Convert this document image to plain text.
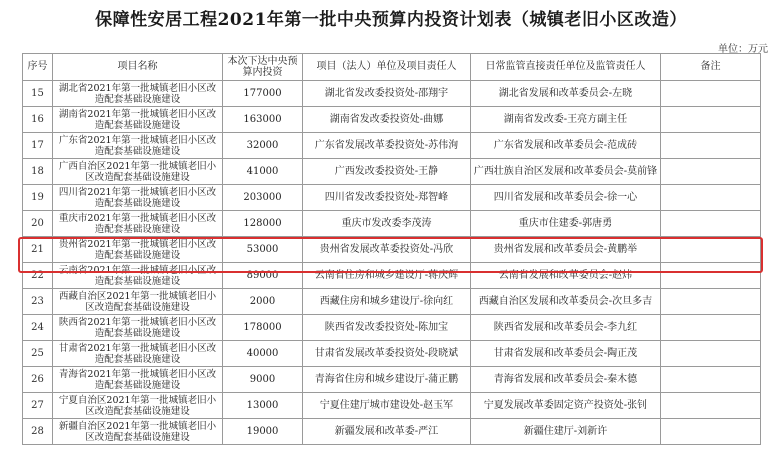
保障性安居工程2021年第一批中央预算内投资计划表（城镇老旧小区改造）
单位：万元
序号	项目名称	本次下达中央预算内投资	项目（法人）单位及项目责任人	日常监管直接责任单位及监管责任人	备注
15	湖北省2021年第一批城镇老旧小区改造配套基础设施建设	177000	湖北省发改委投资处-邵翔宇	湖北省发展和改革委员会-左晓	
16	湖南省2021年第一批城镇老旧小区改造配套基础设施建设	163000	湖南省发改委投资处-曲娜	湖南省发改委-王亮方副主任	
17	广东省2021年第一批城镇老旧小区改造配套基础设施建设	32000	广东省发展改革委投资处-苏伟洵	广东省发展和改革委员会-范成砖	
18	广西自治区2021年第一批城镇老旧小区改造配套基础设施建设	41000	广西发改委投资处-王静	广西壮族自治区发展和改革委员会-莫前锋	
19	四川省2021年第一批城镇老旧小区改造配套基础设施建设	203000	四川省发改委投资处-郑智峰	四川省发展和改革委员会-徐一心	
20	重庆市2021年第一批城镇老旧小区改造配套基础设施建设	128000	重庆市发改委李茂涛	重庆市住建委-郭唐勇	
21	贵州省2021年第一批城镇老旧小区改造配套基础设施建设	53000	贵州省发展改革委投资处-冯欣	贵州省发展和改革委员会-黄鹏举	
22	云南省2021年第一批城镇老旧小区改造配套基础设施建设	89000	云南省住房和城乡建设厅-蒋庆辉	云南省发展和改革委员会-赵炜	
23	西藏自治区2021年第一批城镇老旧小区改造配套基础设施建设	2000	西藏住房和城乡建设厅-徐向红	西藏自治区发展和改革委员会-次旦多吉	
24	陕西省2021年第一批城镇老旧小区改造配套基础设施建设	178000	陕西省发改委投资处-陈加宝	陕西省发展和改革委员会-李九红	
25	甘肃省2021年第一批城镇老旧小区改造配套基础设施建设	40000	甘肃省发展改革委投资处-段晓斌	甘肃省发展和改革委员会-陶正茂	
26	青海省2021年第一批城镇老旧小区改造配套基础设施建设	9000	青海省住房和城乡建设厅-蒲正鹏	青海省发展和改革委员会-秦木德	
27	宁夏自治区2021年第一批城镇老旧小区改造配套基础设施建设	13000	宁夏住建厅城市建设处-赵玉军	宁夏发展改革委固定资产投资处-张钊	
28	新疆自治区2021年第一批城镇老旧小区改造配套基础设施建设	19000	新疆发展和改革委-严江	新疆住建厅-刘新许	
